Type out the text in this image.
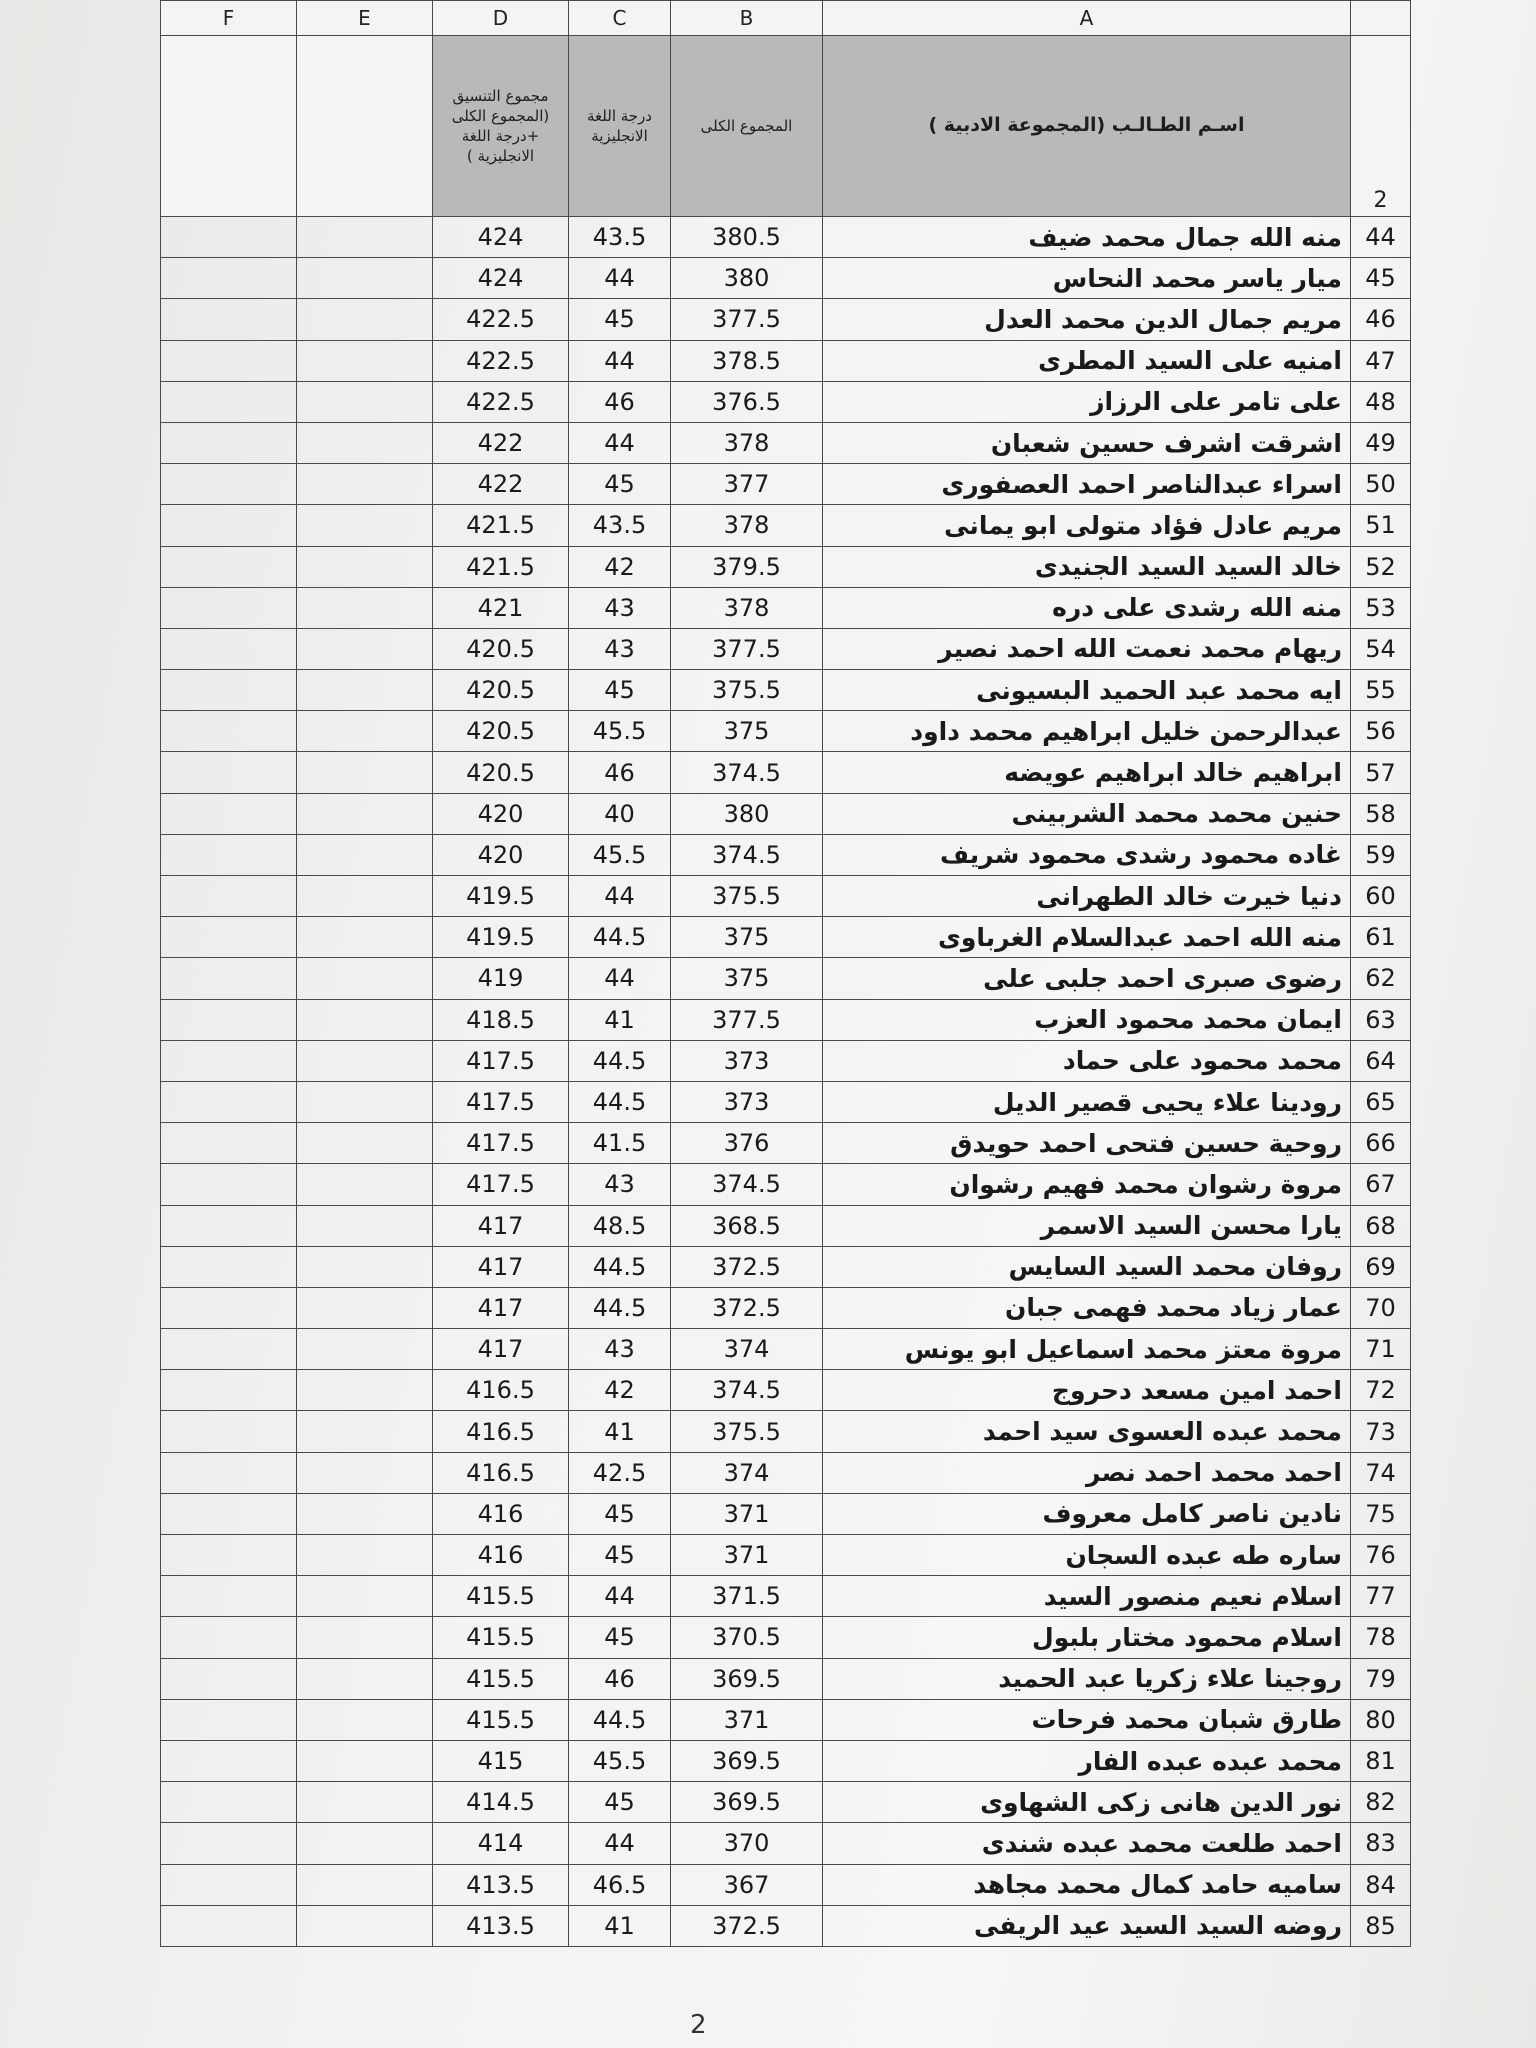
F	E	D	C	B	A	
		مجموع التنسيق (المجموع الكلى +درجة اللغة الانجليزية )	درجة اللغة الانجليزية	المجموع الكلى	اسـم الطـالـب (المجموعة الادبية )	2
		424	43.5	380.5	منه الله جمال محمد ضيف	44
		424	44	380	ميار ياسر محمد النحاس	45
		422.5	45	377.5	مريم جمال الدين محمد العدل	46
		422.5	44	378.5	امنيه على السيد المطرى	47
		422.5	46	376.5	على تامر على الرزاز	48
		422	44	378	اشرقت اشرف حسين شعبان	49
		422	45	377	اسراء عبدالناصر احمد العصفورى	50
		421.5	43.5	378	مريم عادل فؤاد متولى ابو يمانى	51
		421.5	42	379.5	خالد السيد السيد الجنيدى	52
		421	43	378	منه الله رشدى على دره	53
		420.5	43	377.5	ريهام محمد نعمت الله احمد نصير	54
		420.5	45	375.5	ايه محمد عبد الحميد البسيونى	55
		420.5	45.5	375	عبدالرحمن خليل ابراهيم محمد داود	56
		420.5	46	374.5	ابراهيم خالد ابراهيم عويضه	57
		420	40	380	حنين محمد محمد الشربينى	58
		420	45.5	374.5	غاده محمود رشدى محمود شريف	59
		419.5	44	375.5	دنيا خيرت خالد الطهرانى	60
		419.5	44.5	375	منه الله احمد عبدالسلام الغرباوى	61
		419	44	375	رضوى صبرى احمد جلبى على	62
		418.5	41	377.5	ايمان محمد محمود العزب	63
		417.5	44.5	373	محمد محمود على حماد	64
		417.5	44.5	373	رودينا علاء يحيى قصير الديل	65
		417.5	41.5	376	روحية حسين فتحى احمد حويدق	66
		417.5	43	374.5	مروة رشوان محمد فهيم رشوان	67
		417	48.5	368.5	يارا محسن السيد الاسمر	68
		417	44.5	372.5	روفان محمد السيد السايس	69
		417	44.5	372.5	عمار زياد محمد فهمى جبان	70
		417	43	374	مروة معتز محمد اسماعيل ابو يونس	71
		416.5	42	374.5	احمد امين مسعد دحروج	72
		416.5	41	375.5	محمد عبده العسوى سيد احمد	73
		416.5	42.5	374	احمد محمد احمد نصر	74
		416	45	371	نادين ناصر كامل معروف	75
		416	45	371	ساره طه عبده السجان	76
		415.5	44	371.5	اسلام نعيم منصور السيد	77
		415.5	45	370.5	اسلام محمود مختار بلبول	78
		415.5	46	369.5	روجينا علاء زكريا عبد الحميد	79
		415.5	44.5	371	طارق شبان محمد فرحات	80
		415	45.5	369.5	محمد عبده عبده الفار	81
		414.5	45	369.5	نور الدين هانى زكى الشهاوى	82
		414	44	370	احمد طلعت محمد عبده شندى	83
		413.5	46.5	367	ساميه حامد كمال محمد مجاهد	84
		413.5	41	372.5	روضه السيد السيد عيد الريفى	85
2
